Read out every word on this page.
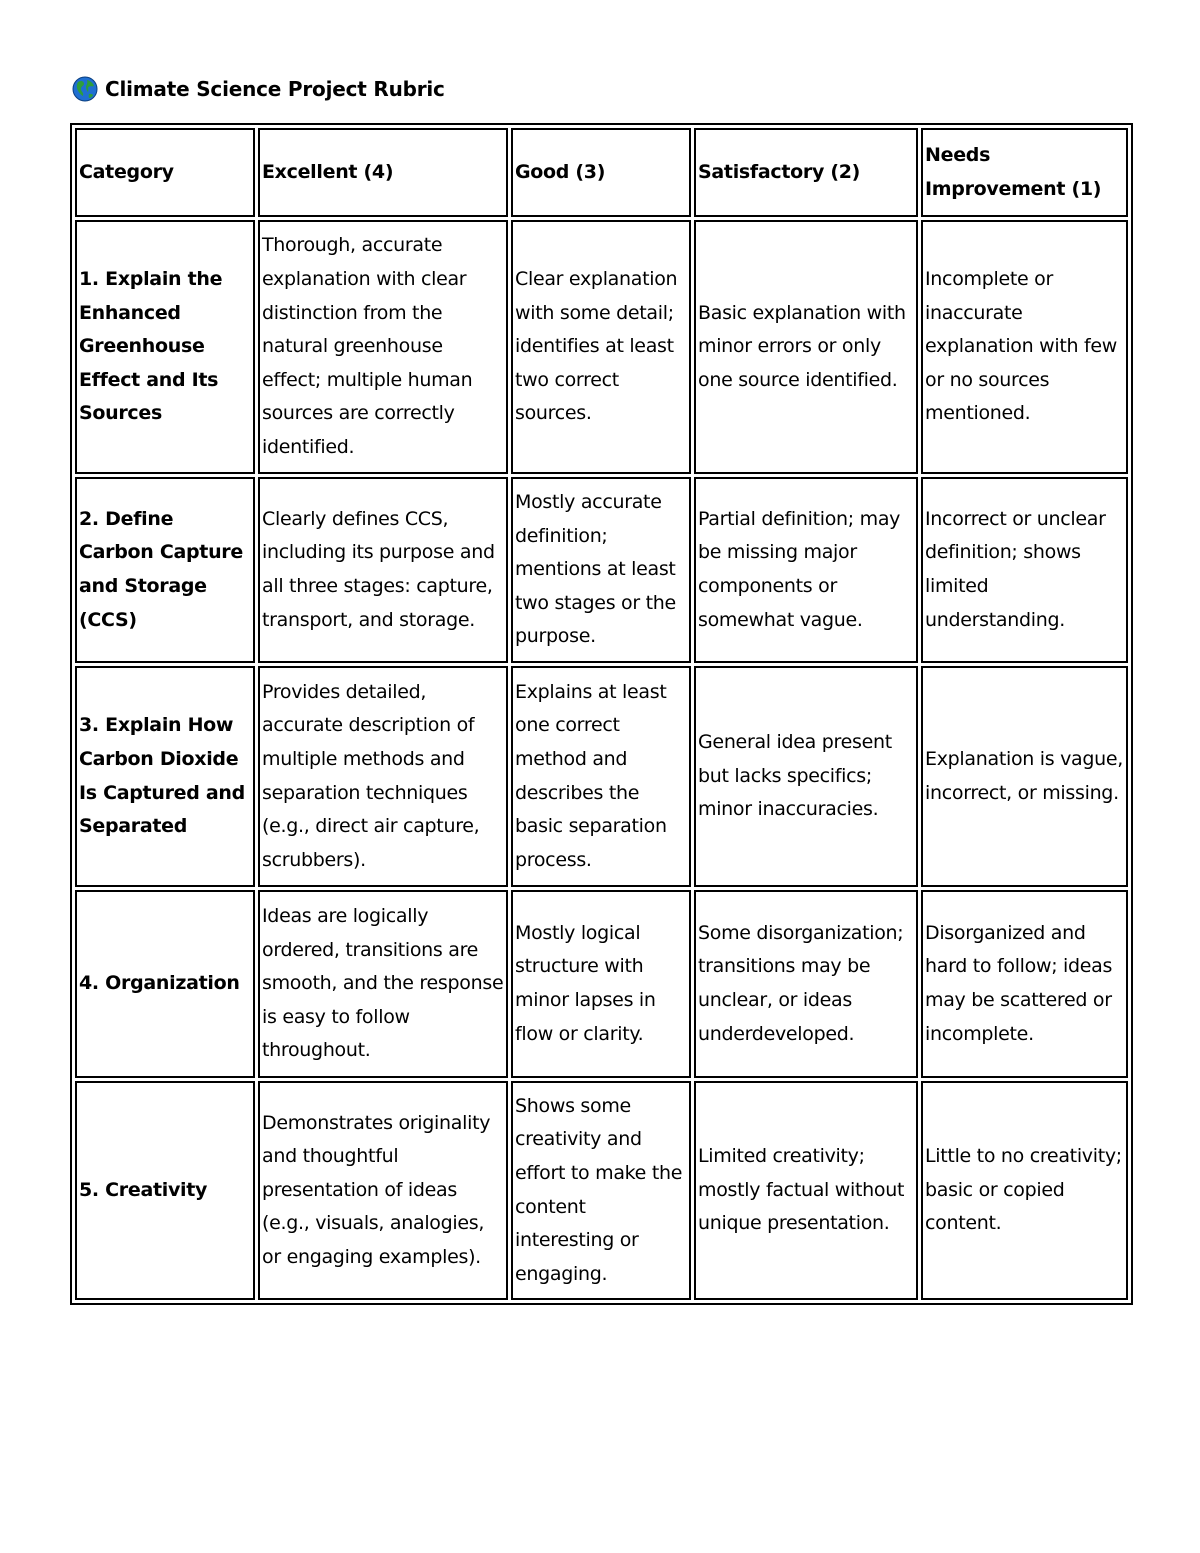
Climate Science Project Rubric
Category	Excellent (4)	Good (3)	Satisfactory (2)	Needs Improvement (1)
1. Explain the Enhanced Greenhouse Effect and Its Sources	Thorough, accurate explanation with clear distinction from the natural greenhouse effect; multiple human sources are correctly identified.	Clear explanation with some detail; identifies at least two correct sources.	Basic explanation with minor errors or only one source identified.	Incomplete or inaccurate explanation with few or no sources mentioned.
2. Define Carbon Capture and Storage (CCS)	Clearly defines CCS, including its purpose and all three stages: capture, transport, and storage.	Mostly accurate definition; mentions at least two stages or the purpose.	Partial definition; may be missing major components or somewhat vague.	Incorrect or unclear definition; shows limited understanding.
3. Explain How Carbon Dioxide Is Captured and Separated	Provides detailed, accurate description of multiple methods and separation techniques (e.g., direct air capture, scrubbers).	Explains at least one correct method and describes the basic separation process.	General idea present but lacks specifics; minor inaccuracies.	Explanation is vague, incorrect, or missing.
4. Organization	Ideas are logically ordered, transitions are smooth, and the response is easy to follow throughout.	Mostly logical structure with minor lapses in flow or clarity.	Some disorganization; transitions may be unclear, or ideas underdeveloped.	Disorganized and hard to follow; ideas may be scattered or incomplete.
5. Creativity	Demonstrates originality and thoughtful presentation of ideas (e.g., visuals, analogies, or engaging examples).	Shows some creativity and effort to make the content interesting or engaging.	Limited creativity; mostly factual without unique presentation.	Little to no creativity; basic or copied content.
